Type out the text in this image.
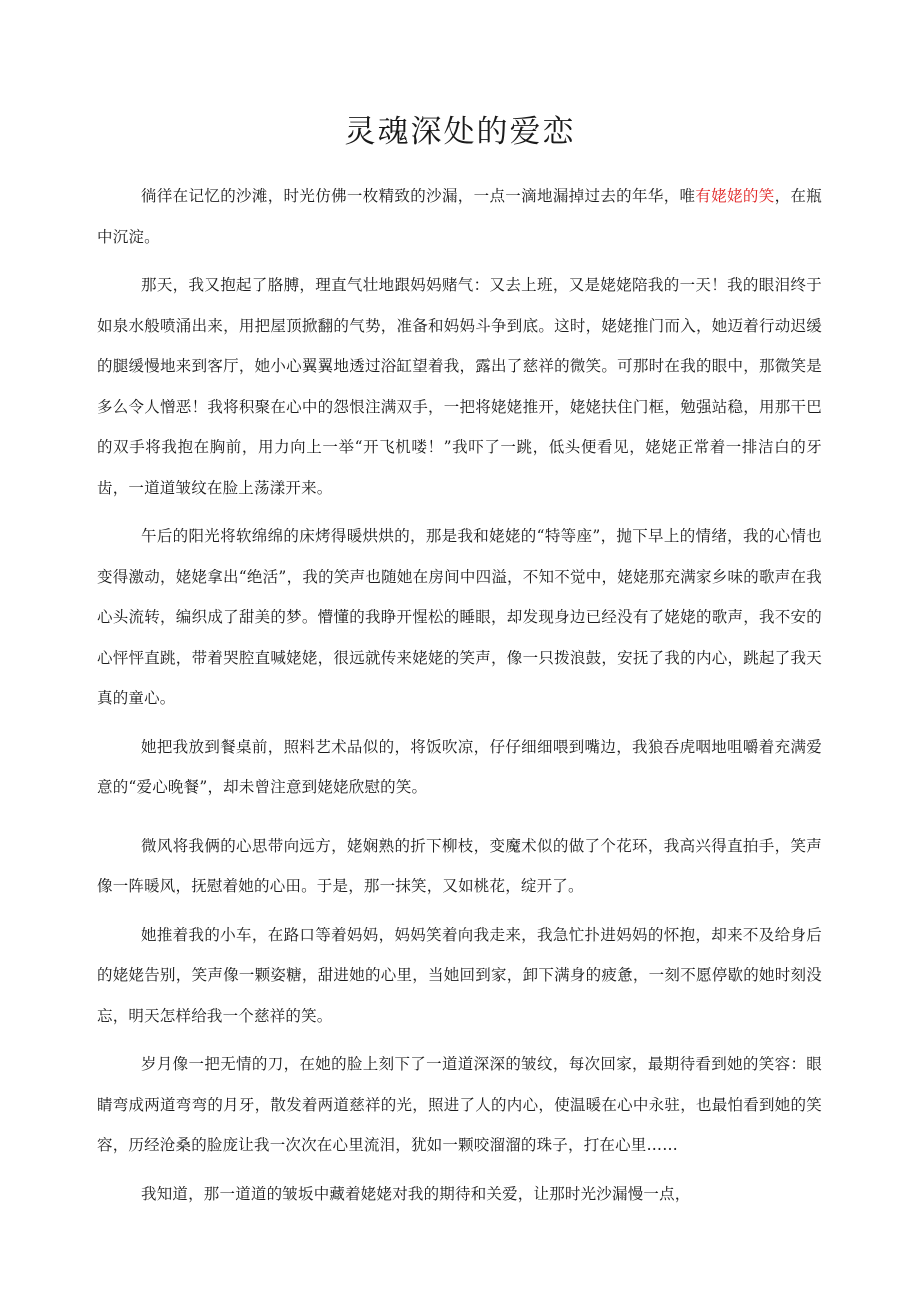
灵魂深处的爱恋

徜徉在记忆的沙滩，时光仿佛一枚精致的沙漏，一点一滴地漏掉过去的年华，唯有姥姥的笑，在瓶中沉淀。

那天，我又抱起了胳膊，理直气壮地跟妈妈赌气：又去上班，又是姥姥陪我的一天！我的眼泪终于如泉水般喷涌出来，用把屋顶掀翻的气势，准备和妈妈斗争到底。这时，姥姥推门而入，她迈着行动迟缓的腿缓慢地来到客厅，她小心翼翼地透过浴缸望着我，露出了慈祥的微笑。可那时在我的眼中，那微笑是多么令人憎恶！我将积聚在心中的怨恨注满双手，一把将姥姥推开，姥姥扶住门框，勉强站稳，用那干巴的双手将我抱在胸前，用力向上一举“开飞机喽！”我吓了一跳，低头便看见，姥姥正常着一排洁白的牙齿，一道道皱纹在脸上荡漾开来。

午后的阳光将软绵绵的床烤得暖烘烘的，那是我和姥姥的“特等座”，抛下早上的情绪，我的心情也变得激动，姥姥拿出“绝活”，我的笑声也随她在房间中四溢，不知不觉中，姥姥那充满家乡味的歌声在我心头流转，编织成了甜美的梦。懵懂的我睁开惺松的睡眼，却发现身边已经没有了姥姥的歌声，我不安的心怦怦直跳，带着哭腔直喊姥姥，很远就传来姥姥的笑声，像一只拨浪鼓，安抚了我的内心，跳起了我天真的童心。

她把我放到餐桌前，照料艺术品似的，将饭吹凉，仔仔细细喂到嘴边，我狼吞虎咽地咀嚼着充满爱意的“爱心晚餐”，却未曾注意到姥姥欣慰的笑。

微风将我俩的心思带向远方，姥娴熟的折下柳枝，变魔术似的做了个花环，我高兴得直拍手，笑声像一阵暖风，抚慰着她的心田。于是，那一抹笑，又如桃花，绽开了。

她推着我的小车，在路口等着妈妈，妈妈笑着向我走来，我急忙扑进妈妈的怀抱，却来不及给身后的姥姥告别，笑声像一颗姿糖，甜进她的心里，当她回到家，卸下满身的疲惫，一刻不愿停歇的她时刻没忘，明天怎样给我一个慈祥的笑。

岁月像一把无情的刀，在她的脸上刻下了一道道深深的皱纹，每次回家，最期待看到她的笑容：眼睛弯成两道弯弯的月牙，散发着两道慈祥的光，照进了人的内心，使温暖在心中永驻，也最怕看到她的笑容，历经沧桑的脸庞让我一次次在心里流泪，犹如一颗咬溜溜的珠子，打在心里……

我知道，那一道道的皱坂中藏着姥姥对我的期待和关爱，让那时光沙漏慢一点，
